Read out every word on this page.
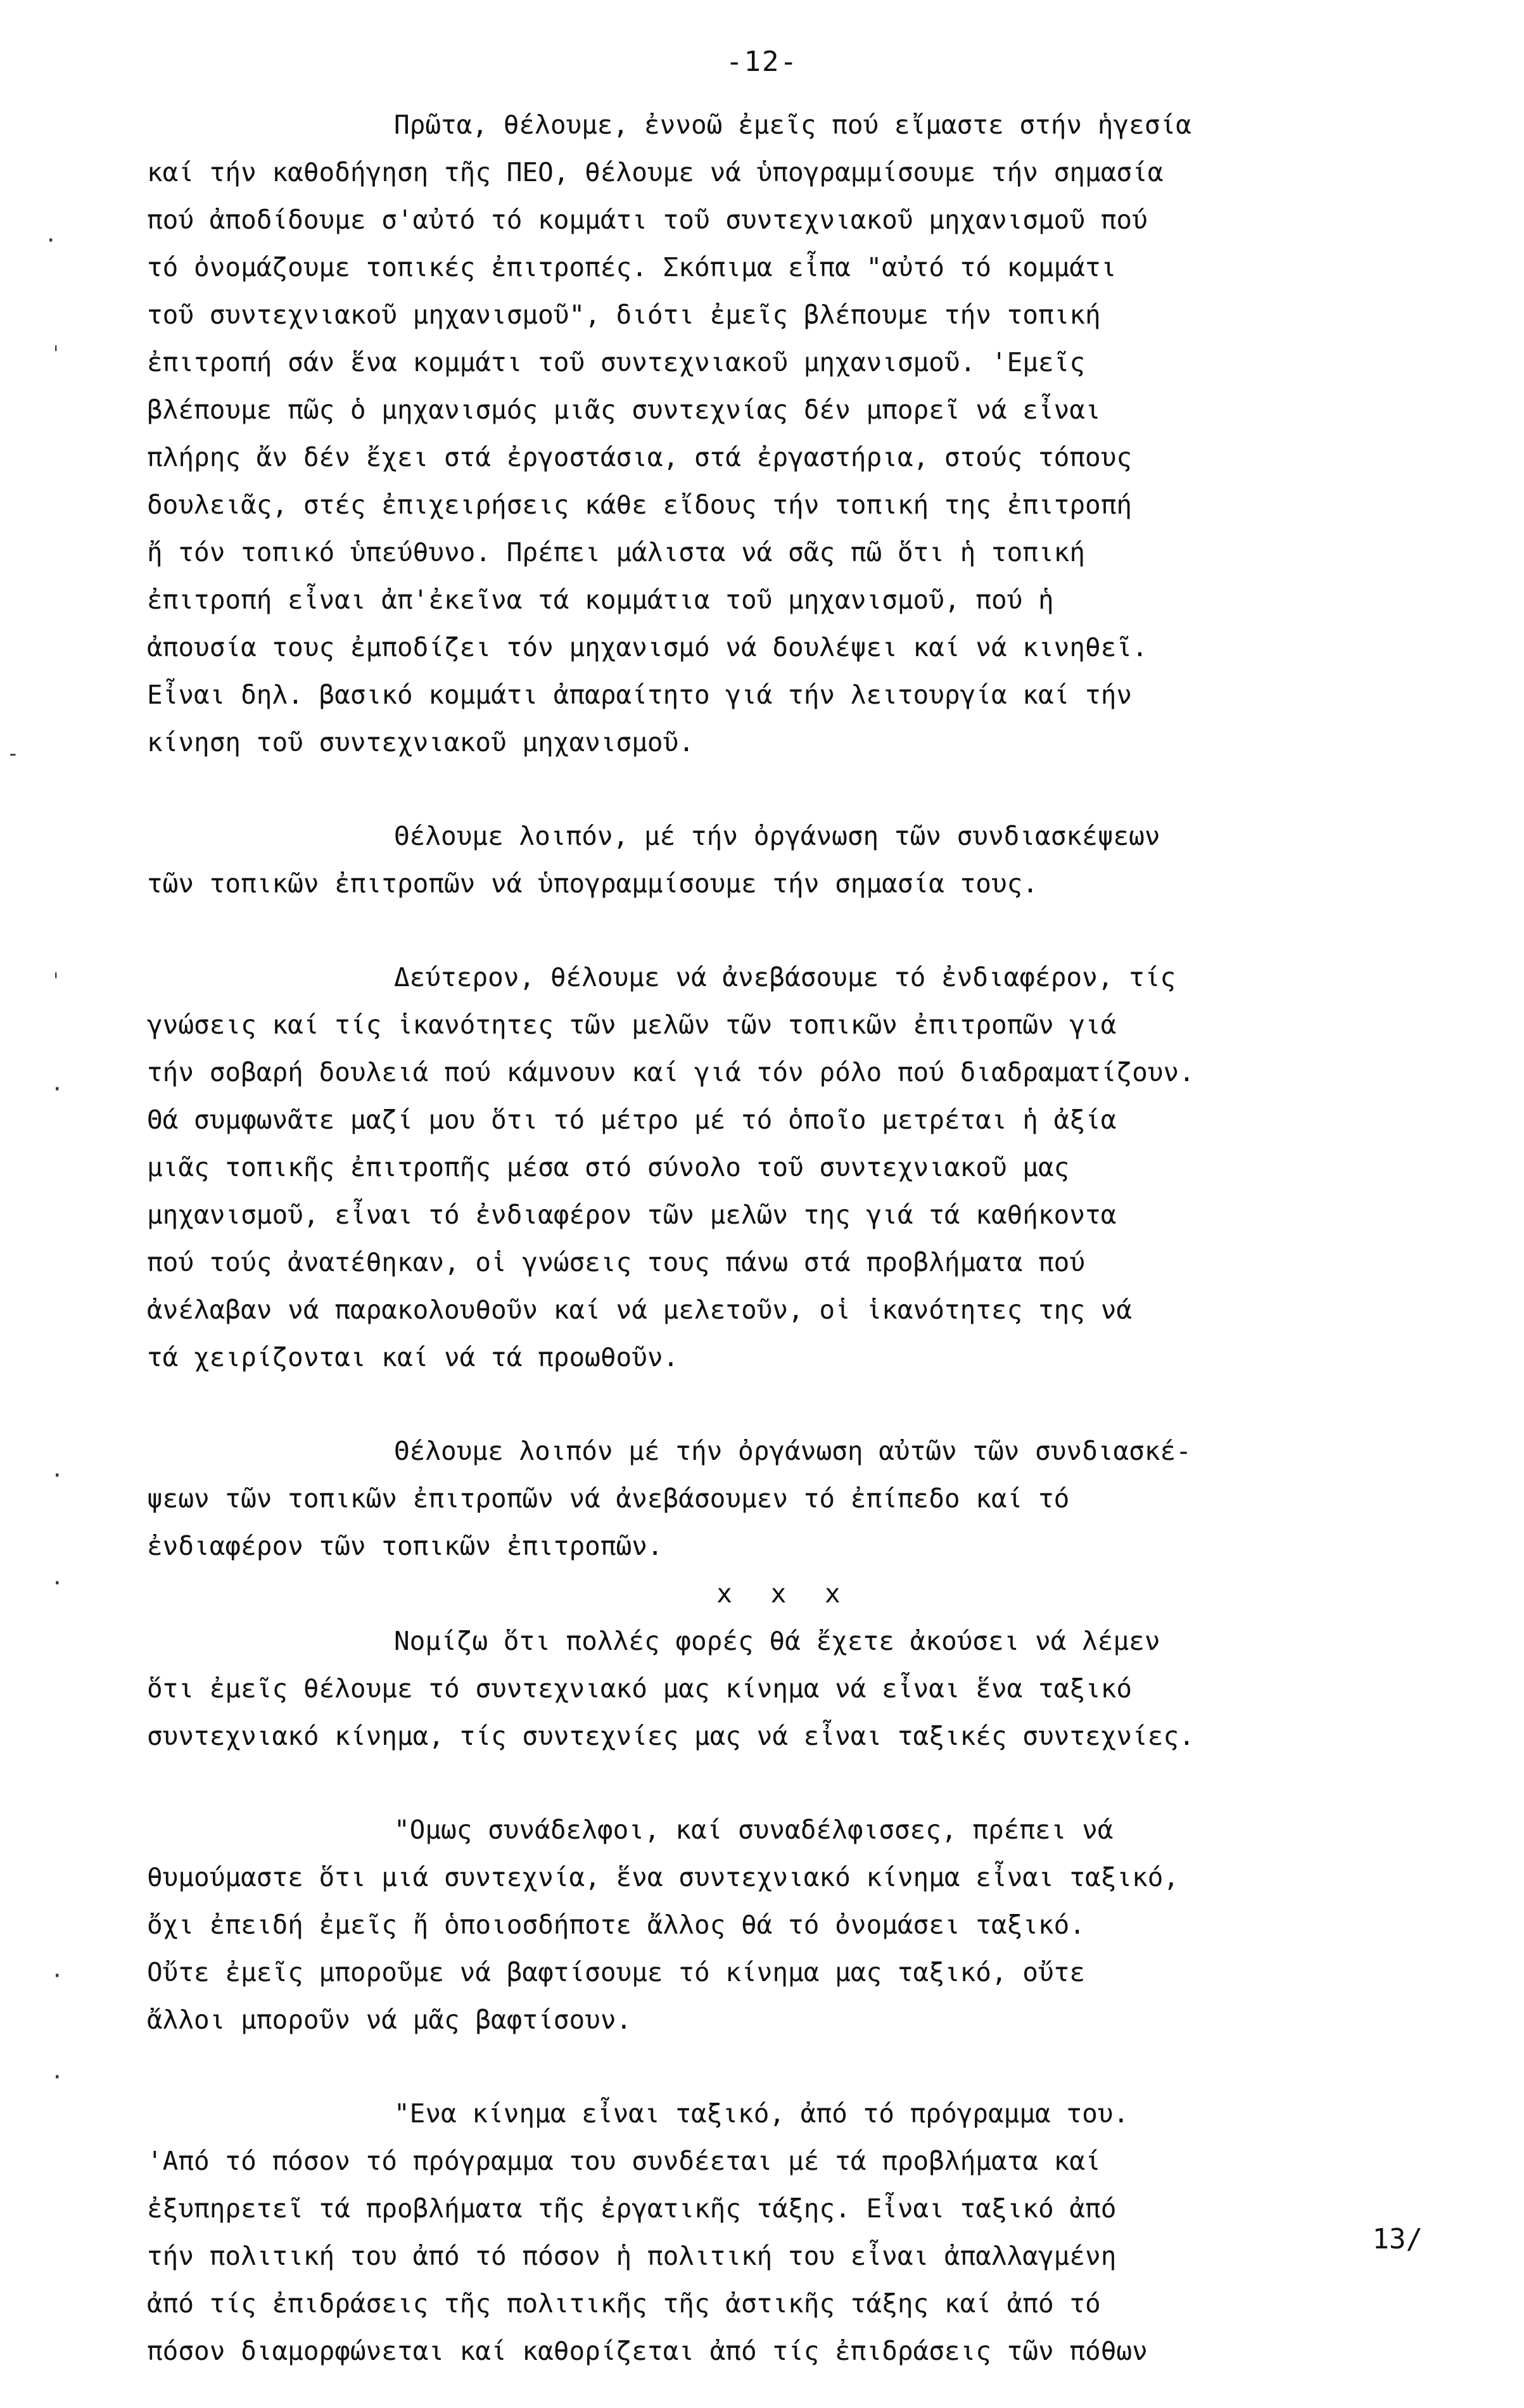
-12-
Πρῶτα, θέλουμε, ἐννοῶ ἐμεῖς πού εἴμαστε στήν ἡγεσία
καί τήν καθοδήγηση τῆς ΠΕΟ, θέλουμε νά ὑπογραμμίσουμε τήν σημασία
πού ἀποδίδουμε σ'αὐτό τό κομμάτι τοῦ συντεχνιακοῦ μηχανισμοῦ πού
τό ὀνομάζουμε τοπικές ἐπιτροπές. Σκόπιμα εἶπα "αὐτό τό κομμάτι
τοῦ συντεχνιακοῦ μηχανισμοῦ", διότι ἐμεῖς βλέπουμε τήν τοπική
ἐπιτροπή σάν ἕνα κομμάτι τοῦ συντεχνιακοῦ μηχανισμοῦ. 'Εμεῖς
βλέπουμε πῶς ὁ μηχανισμός μιᾶς συντεχνίας δέν μπορεῖ νά εἶναι
πλήρης ἄν δέν ἔχει στά ἐργοστάσια, στά ἐργαστήρια, στούς τόπους
δουλειᾶς, στές ἐπιχειρήσεις κάθε εἴδους τήν τοπική της ἐπιτροπή
ἤ τόν τοπικό ὑπεύθυνο. Πρέπει μάλιστα νά σᾶς πῶ ὅτι ἡ τοπική
ἐπιτροπή εἶναι ἀπ'ἐκεῖνα τά κομμάτια τοῦ μηχανισμοῦ, πού ἡ
ἀπουσία τους ἐμποδίζει τόν μηχανισμό νά δουλέψει καί νά κινηθεῖ.
Εἶναι δηλ. βασικό κομμάτι ἀπαραίτητο γιά τήν λειτουργία καί τήν
κίνηση τοῦ συντεχνιακοῦ μηχανισμοῦ.
Θέλουμε λοιπόν, μέ τήν ὀργάνωση τῶν συνδιασκέψεων
τῶν τοπικῶν ἐπιτροπῶν νά ὑπογραμμίσουμε τήν σημασία τους.
Δεύτερον, θέλουμε νά ἀνεβάσουμε τό ἐνδιαφέρον, τίς
γνώσεις καί τίς ἱκανότητες τῶν μελῶν τῶν τοπικῶν ἐπιτροπῶν γιά
τήν σοβαρή δουλειά πού κάμνουν καί γιά τόν ρόλο πού διαδραματίζουν.
Θά συμφωνᾶτε μαζί μου ὅτι τό μέτρο μέ τό ὁποῖο μετρέται ἡ ἀξία
μιᾶς τοπικῆς ἐπιτροπῆς μέσα στό σύνολο τοῦ συντεχνιακοῦ μας
μηχανισμοῦ, εἶναι τό ἐνδιαφέρον τῶν μελῶν της γιά τά καθήκοντα
πού τούς ἀνατέθηκαν, οἱ γνώσεις τους πάνω στά προβλήματα πού
ἀνέλαβαν νά παρακολουθοῦν καί νά μελετοῦν, οἱ ἱκανότητες της νά
τά χειρίζονται καί νά τά προωθοῦν.
Θέλουμε λοιπόν μέ τήν ὀργάνωση αὐτῶν τῶν συνδιασκέ-
ψεων τῶν τοπικῶν ἐπιτροπῶν νά ἀνεβάσουμεν τό ἐπίπεδο καί τό
ἐνδιαφέρον τῶν τοπικῶν ἐπιτροπῶν.
x x x
Νομίζω ὅτι πολλές φορές θά ἔχετε ἀκούσει νά λέμεν
ὅτι ἐμεῖς θέλουμε τό συντεχνιακό μας κίνημα νά εἶναι ἕνα ταξικό
συντεχνιακό κίνημα, τίς συντεχνίες μας νά εἶναι ταξικές συντεχνίες.
"Ομως συνάδελφοι, καί συναδέλφισσες, πρέπει νά
θυμούμαστε ὅτι μιά συντεχνία, ἕνα συντεχνιακό κίνημα εἶναι ταξικό,
ὄχι ἐπειδή ἐμεῖς ἤ ὁποιοσδήποτε ἄλλος θά τό ὀνομάσει ταξικό.
Οὔτε ἐμεῖς μποροῦμε νά βαφτίσουμε τό κίνημα μας ταξικό, οὔτε
ἄλλοι μποροῦν νά μᾶς βαφτίσουν.
"Ενα κίνημα εἶναι ταξικό, ἀπό τό πρόγραμμα του.
'Από τό πόσον τό πρόγραμμα του συνδέεται μέ τά προβλήματα καί
ἐξυπηρετεῖ τά προβλήματα τῆς ἐργατικῆς τάξης. Εἶναι ταξικό ἀπό
τήν πολιτική του ἀπό τό πόσον ἡ πολιτική του εἶναι ἀπαλλαγμένη
ἀπό τίς ἐπιδράσεις τῆς πολιτικῆς τῆς ἀστικῆς τάξης καί ἀπό τό
πόσον διαμορφώνεται καί καθορίζεται ἀπό τίς ἐπιδράσεις τῶν πόθων
13/
·
ˈ
-
ˈ
·
·
·
·
·
